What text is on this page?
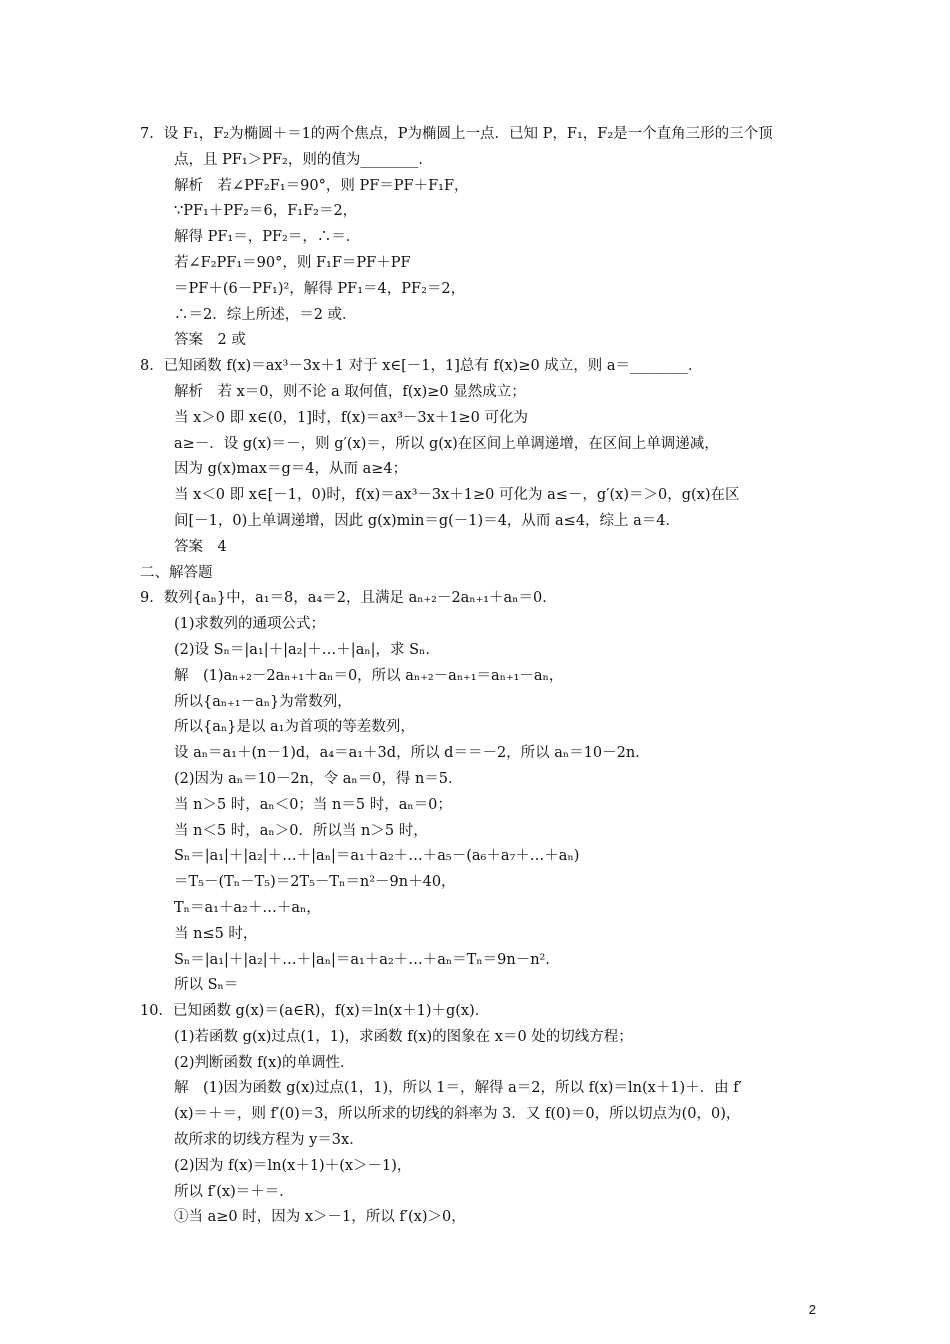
7．设 F₁，F₂为椭圆＋＝1的两个焦点，P为椭圆上一点．已知 P，F₁，F₂是一个直角三形的三个顶
点，且 PF₁＞PF₂，则的值为________．
解析　若∠PF₂F₁＝90°，则 PF＝PF＋F₁F，
∵PF₁＋PF₂＝6，F₁F₂＝2，
解得 PF₁＝，PF₂＝，∴＝．
若∠F₂PF₁＝90°，则 F₁F＝PF＋PF
＝PF＋(6－PF₁)²，解得 PF₁＝4，PF₂＝2，
∴＝2．综上所述，＝2 或．
答案　2 或
8．已知函数 f(x)＝ax³－3x＋1 对于 x∈[－1，1]总有 f(x)≥0 成立，则 a＝________．
解析　若 x＝0，则不论 a 取何值，f(x)≥0 显然成立；
当 x＞0 即 x∈(0，1]时，f(x)＝ax³－3x＋1≥0 可化为
a≥－．设 g(x)＝－，则 g′(x)＝，所以 g(x)在区间上单调递增，在区间上单调递减，
因为 g(x)max＝g＝4，从而 a≥4；
当 x＜0 即 x∈[－1，0)时，f(x)＝ax³－3x＋1≥0 可化为 a≤－，g′(x)＝＞0，g(x)在区
间[－1，0)上单调递增，因此 g(x)min＝g(－1)＝4，从而 a≤4，综上 a＝4．
答案　4
二、解答题
9．数列{aₙ}中，a₁＝8，a₄＝2，且满足 aₙ₊₂－2aₙ₊₁＋aₙ＝0．
(1)求数列的通项公式；
(2)设 Sₙ＝|a₁|＋|a₂|＋…＋|aₙ|，求 Sₙ．
解　(1)aₙ₊₂－2aₙ₊₁＋aₙ＝0，所以 aₙ₊₂－aₙ₊₁＝aₙ₊₁－aₙ，
所以{aₙ₊₁－aₙ}为常数列，
所以{aₙ}是以 a₁为首项的等差数列，
设 aₙ＝a₁＋(n－1)d，a₄＝a₁＋3d，所以 d＝＝－2，所以 aₙ＝10－2n．
(2)因为 aₙ＝10－2n，令 aₙ＝0，得 n＝5．
当 n＞5 时，aₙ＜0；当 n＝5 时，aₙ＝0；
当 n＜5 时，aₙ＞0．所以当 n＞5 时，
Sₙ＝|a₁|＋|a₂|＋…＋|aₙ|＝a₁＋a₂＋…＋a₅－(a₆＋a₇＋…＋aₙ)
＝T₅－(Tₙ－T₅)＝2T₅－Tₙ＝n²－9n＋40，
Tₙ＝a₁＋a₂＋…＋aₙ，
当 n≤5 时，
Sₙ＝|a₁|＋|a₂|＋…＋|aₙ|＝a₁＋a₂＋…＋aₙ＝Tₙ＝9n－n²．
所以 Sₙ＝
10．已知函数 g(x)＝(a∈R)，f(x)＝ln(x＋1)＋g(x)．
(1)若函数 g(x)过点(1，1)，求函数 f(x)的图象在 x＝0 处的切线方程；
(2)判断函数 f(x)的单调性．
解　(1)因为函数 g(x)过点(1，1)，所以 1＝，解得 a＝2，所以 f(x)＝ln(x＋1)＋．由 f′
(x)＝＋＝，则 f′(0)＝3，所以所求的切线的斜率为 3．又 f(0)＝0，所以切点为(0，0)，
故所求的切线方程为 y＝3x．
(2)因为 f(x)＝ln(x＋1)＋(x＞－1)，
所以 f′(x)＝＋＝．
①当 a≥0 时，因为 x＞－1，所以 f′(x)＞0，
2
